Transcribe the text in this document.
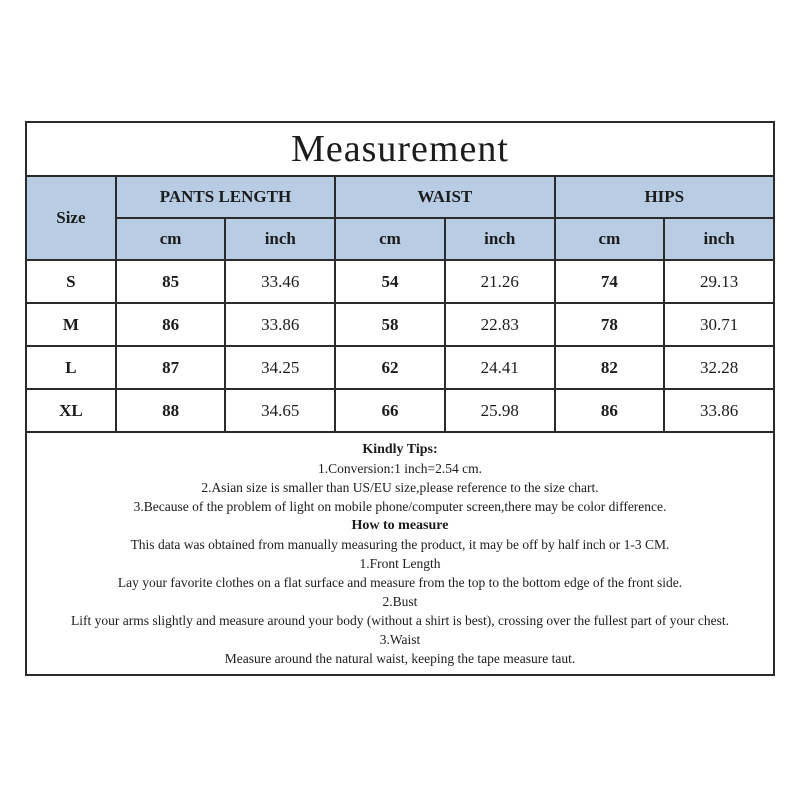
Measurement						
Size	PANTS LENGTH		WAIST		HIPS	
	cm	inch	cm	inch	cm	inch
S	85	33.46	54	21.26	74	29.13
M	86	33.86	58	22.83	78	30.71
L	87	34.25	62	24.41	82	32.28
XL	88	34.65	66	25.98	86	33.86

Kindly Tips:
1.Conversion:1 inch=2.54 cm.
2.Asian size is smaller than US/EU size,please reference to the size chart.
3.Because of the problem of light on mobile phone/computer screen,there may be color difference.
How to measure
This data was obtained from manually measuring the product, it may be off by half inch or 1-3 CM.
1.Front Length
Lay your favorite clothes on a flat surface and measure from the top to the bottom edge of the front side.
2.Bust
Lift your arms slightly and measure around your body (without a shirt is best), crossing over the fullest part of your chest.
3.Waist
Measure around the natural waist, keeping the tape measure taut.
